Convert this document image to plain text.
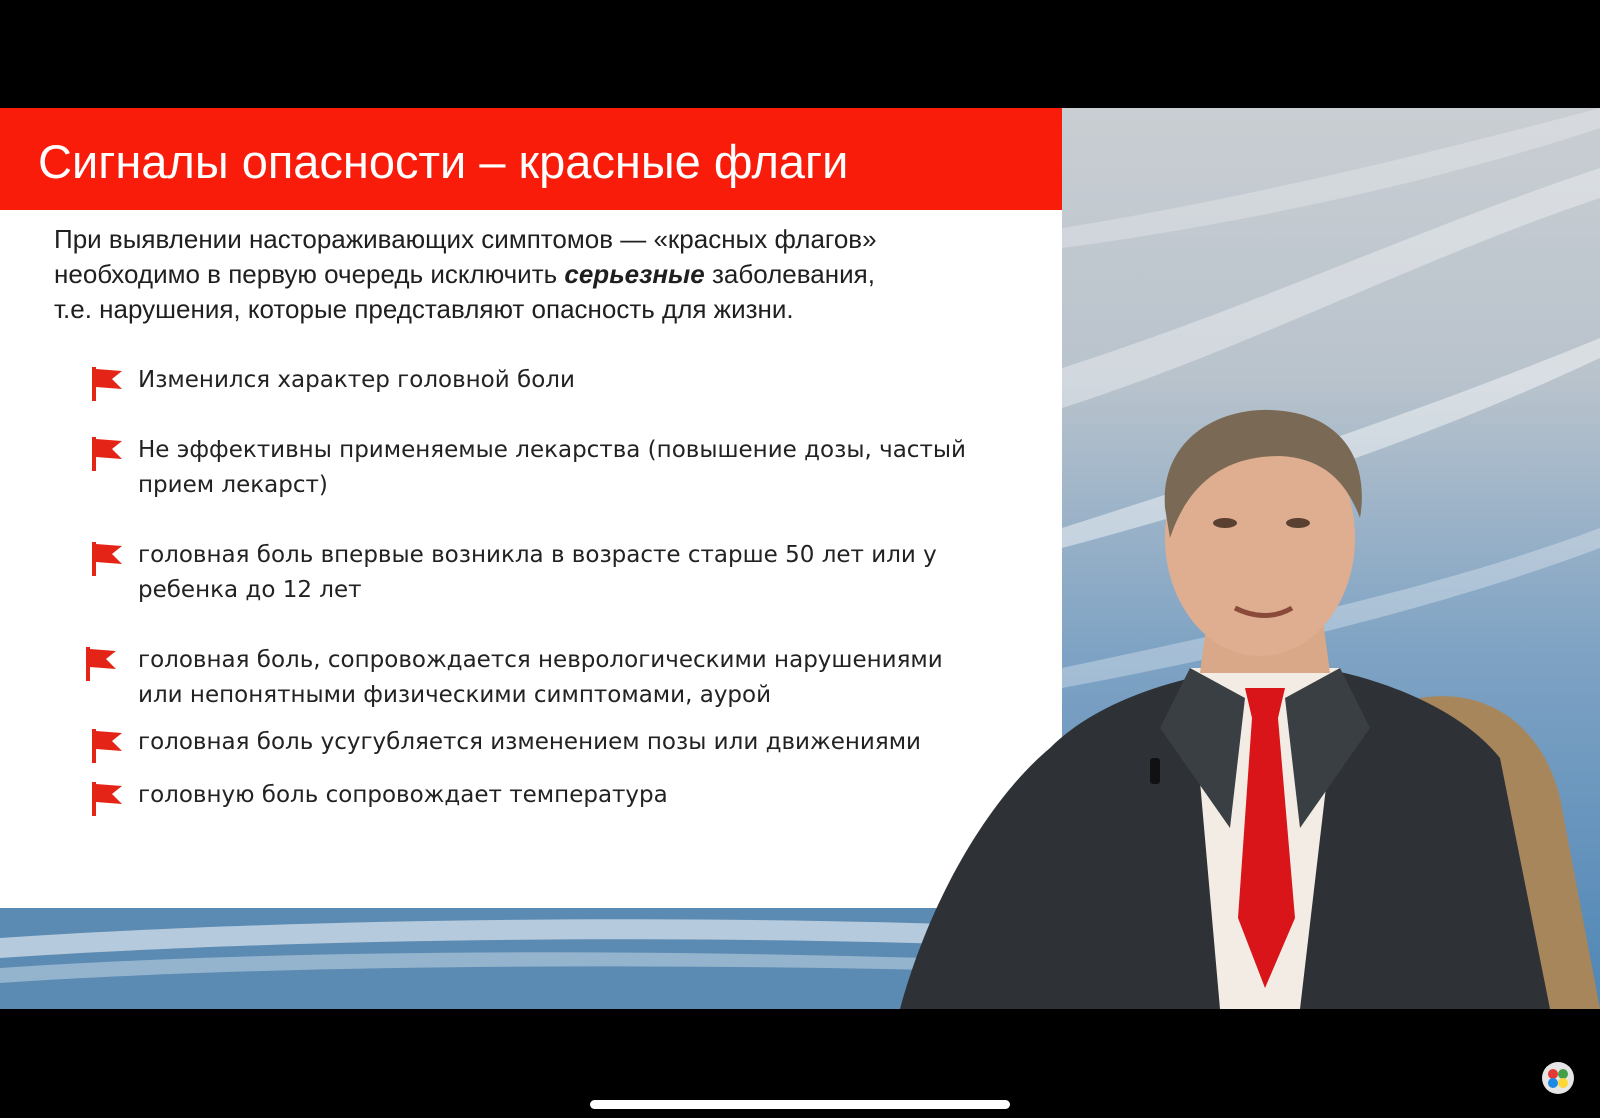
Сигналы опасности – красные флаги
При выявлении настораживающих симптомов — «красных флагов»
необходимо в первую очередь исключить серьезные заболевания,
т.е. нарушения, которые представляют опасность для жизни.
Изменился характер головной боли
Не эффективны применяемые лекарства (повышение дозы, частый
прием лекарст)
головная боль впервые возникла в возрасте старше 50 лет или у
ребенка до 12 лет
головная боль, сопровождается неврологическими нарушениями
или непонятными физическими симптомами, аурой
головная боль усугубляется изменением позы или движениями
головную боль сопровождает температура
